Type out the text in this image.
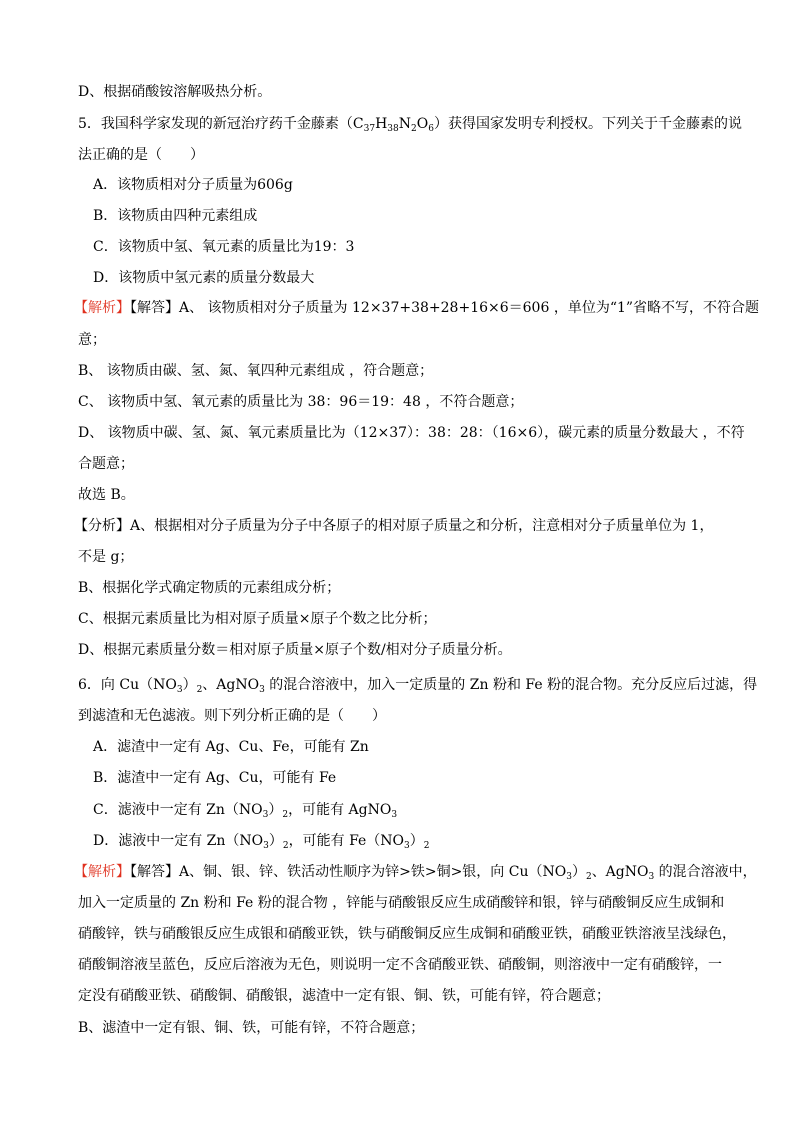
D、根据硝酸铵溶解吸热分析。
5．我国科学家发现的新冠治疗药千金藤素$(C_{37}H_{38}N_2O_6)$获得国家发明专利授权。下列关于千金藤素的说
法正确的是（　　）
A．该物质相对分子质量为606g
B．该物质由四种元素组成
C．该物质中氢、氧元素的质量比为19：3
D．该物质中氢元素的质量分数最大
【解析】【解答】A、 该物质相对分子质量为 12×37+38+28+16×6＝606 ，单位为“1”省略不写，不符合题
意；
B、 该物质由碳、氢、氮、氧四种元素组成 ，符合题意；
C、 该物质中氢、氧元素的质量比为 38：96＝19：48 ，不符合题意；
D、 该物质中碳、氢、氮、氧元素质量比为（12×37）：38：28：（16×6），碳元素的质量分数最大 ，不符
合题意；
故选 B。
【分析】A、根据相对分子质量为分子中各原子的相对原子质量之和分析，注意相对分子质量单位为 1，
不是 g；
B、根据化学式确定物质的元素组成分析；
C、根据元素质量比为相对原子质量×原子个数之比分析；
D、根据元素质量分数＝相对原子质量×原子个数/相对分子质量分析。
6．向 $Cu(NO_3)_2$、AgNO$_3$ 的混合溶液中，加入一定质量的 Zn 粉和 Fe 粉的混合物。充分反应后过滤，得
到滤渣和无色滤液。则下列分析正确的是（　　）
A．滤渣中一定有 Ag、Cu、Fe，可能有 Zn
B．滤渣中一定有 Ag、Cu，可能有 Fe
C．滤液中一定有 $Zn(NO_3)_2$，可能有 AgNO$_3$
D．滤液中一定有 $Zn(NO_3)_2$，可能有 $Fe(NO_3)_2$
【解析】【解答】A、铜、银、锌、铁活动性顺序为锌>铁>铜>银，向 $Cu(NO_3)_2$、AgNO$_3$ 的混合溶液中，
加入一定质量的 Zn 粉和 Fe 粉的混合物 ，锌能与硝酸银反应生成硝酸锌和银，锌与硝酸铜反应生成铜和
硝酸锌，铁与硝酸银反应生成银和硝酸亚铁，铁与硝酸铜反应生成铜和硝酸亚铁，硝酸亚铁溶液呈浅绿色，
硝酸铜溶液呈蓝色，反应后溶液为无色，则说明一定不含硝酸亚铁、硝酸铜，则溶液中一定有硝酸锌，一
定没有硝酸亚铁、硝酸铜、硝酸银，滤渣中一定有银、铜、铁，可能有锌，符合题意；
B、滤渣中一定有银、铜、铁，可能有锌，不符合题意；
